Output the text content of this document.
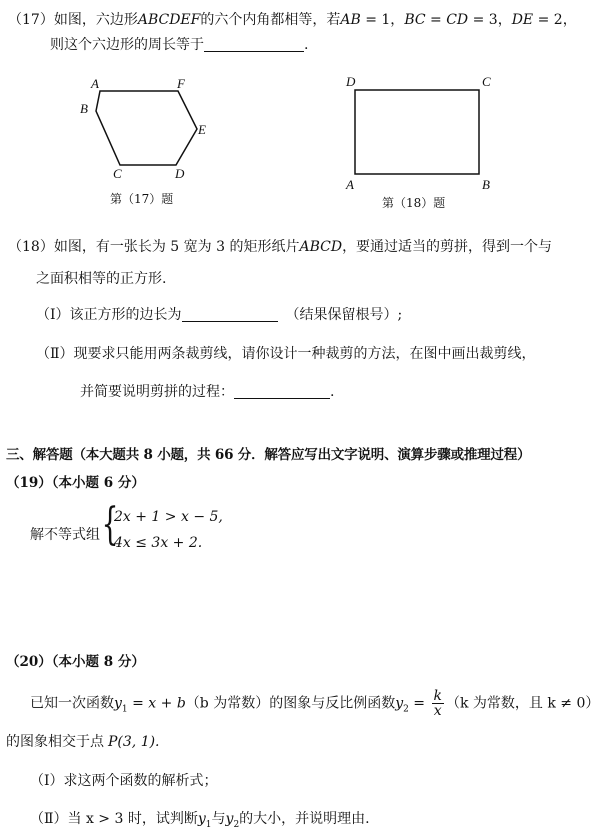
（17）如图，六边形ABCDEF的六个内角都相等，若AB = 1，BC = CD = 3，DE = 2，
则这个六边形的周长等于	.
A
B
C	D
E
F
第（17）题
D	C
A	B
第（18）题
（18）如图，有一张长为 5 宽为 3 的矩形纸片ABCD，要通过适当的剪拼，得到一个与
之面积相等的正方形.
（Ⅰ）该正方形的边长为	（结果保留根号）;
（Ⅱ）现要求只能用两条裁剪线，请你设计一种裁剪的方法，在图中画出裁剪线，
并简要说明剪拼的过程：	.
三、解答题（本大题共 8 小题，共 66 分．解答应写出文字说明、演算步骤或推理过程）
（19）（本小题 6 分）
解不等式组 {
2x + 1 > x − 5,
4x ≤ 3x + 2.
（20）（本小题 8 分）
已知一次函数$y_1 = x + b(b$ 为常数）的图象与反比例函数$y_2 = \frac{k}{x} (k$ 为常数，且 k ≠ 0）
的图象相交于点 P(3, 1).
（Ⅰ）求这两个函数的解析式；
（Ⅱ）当 x > 3 时，试判断$y_1$与$y_2$的大小，并说明理由.
